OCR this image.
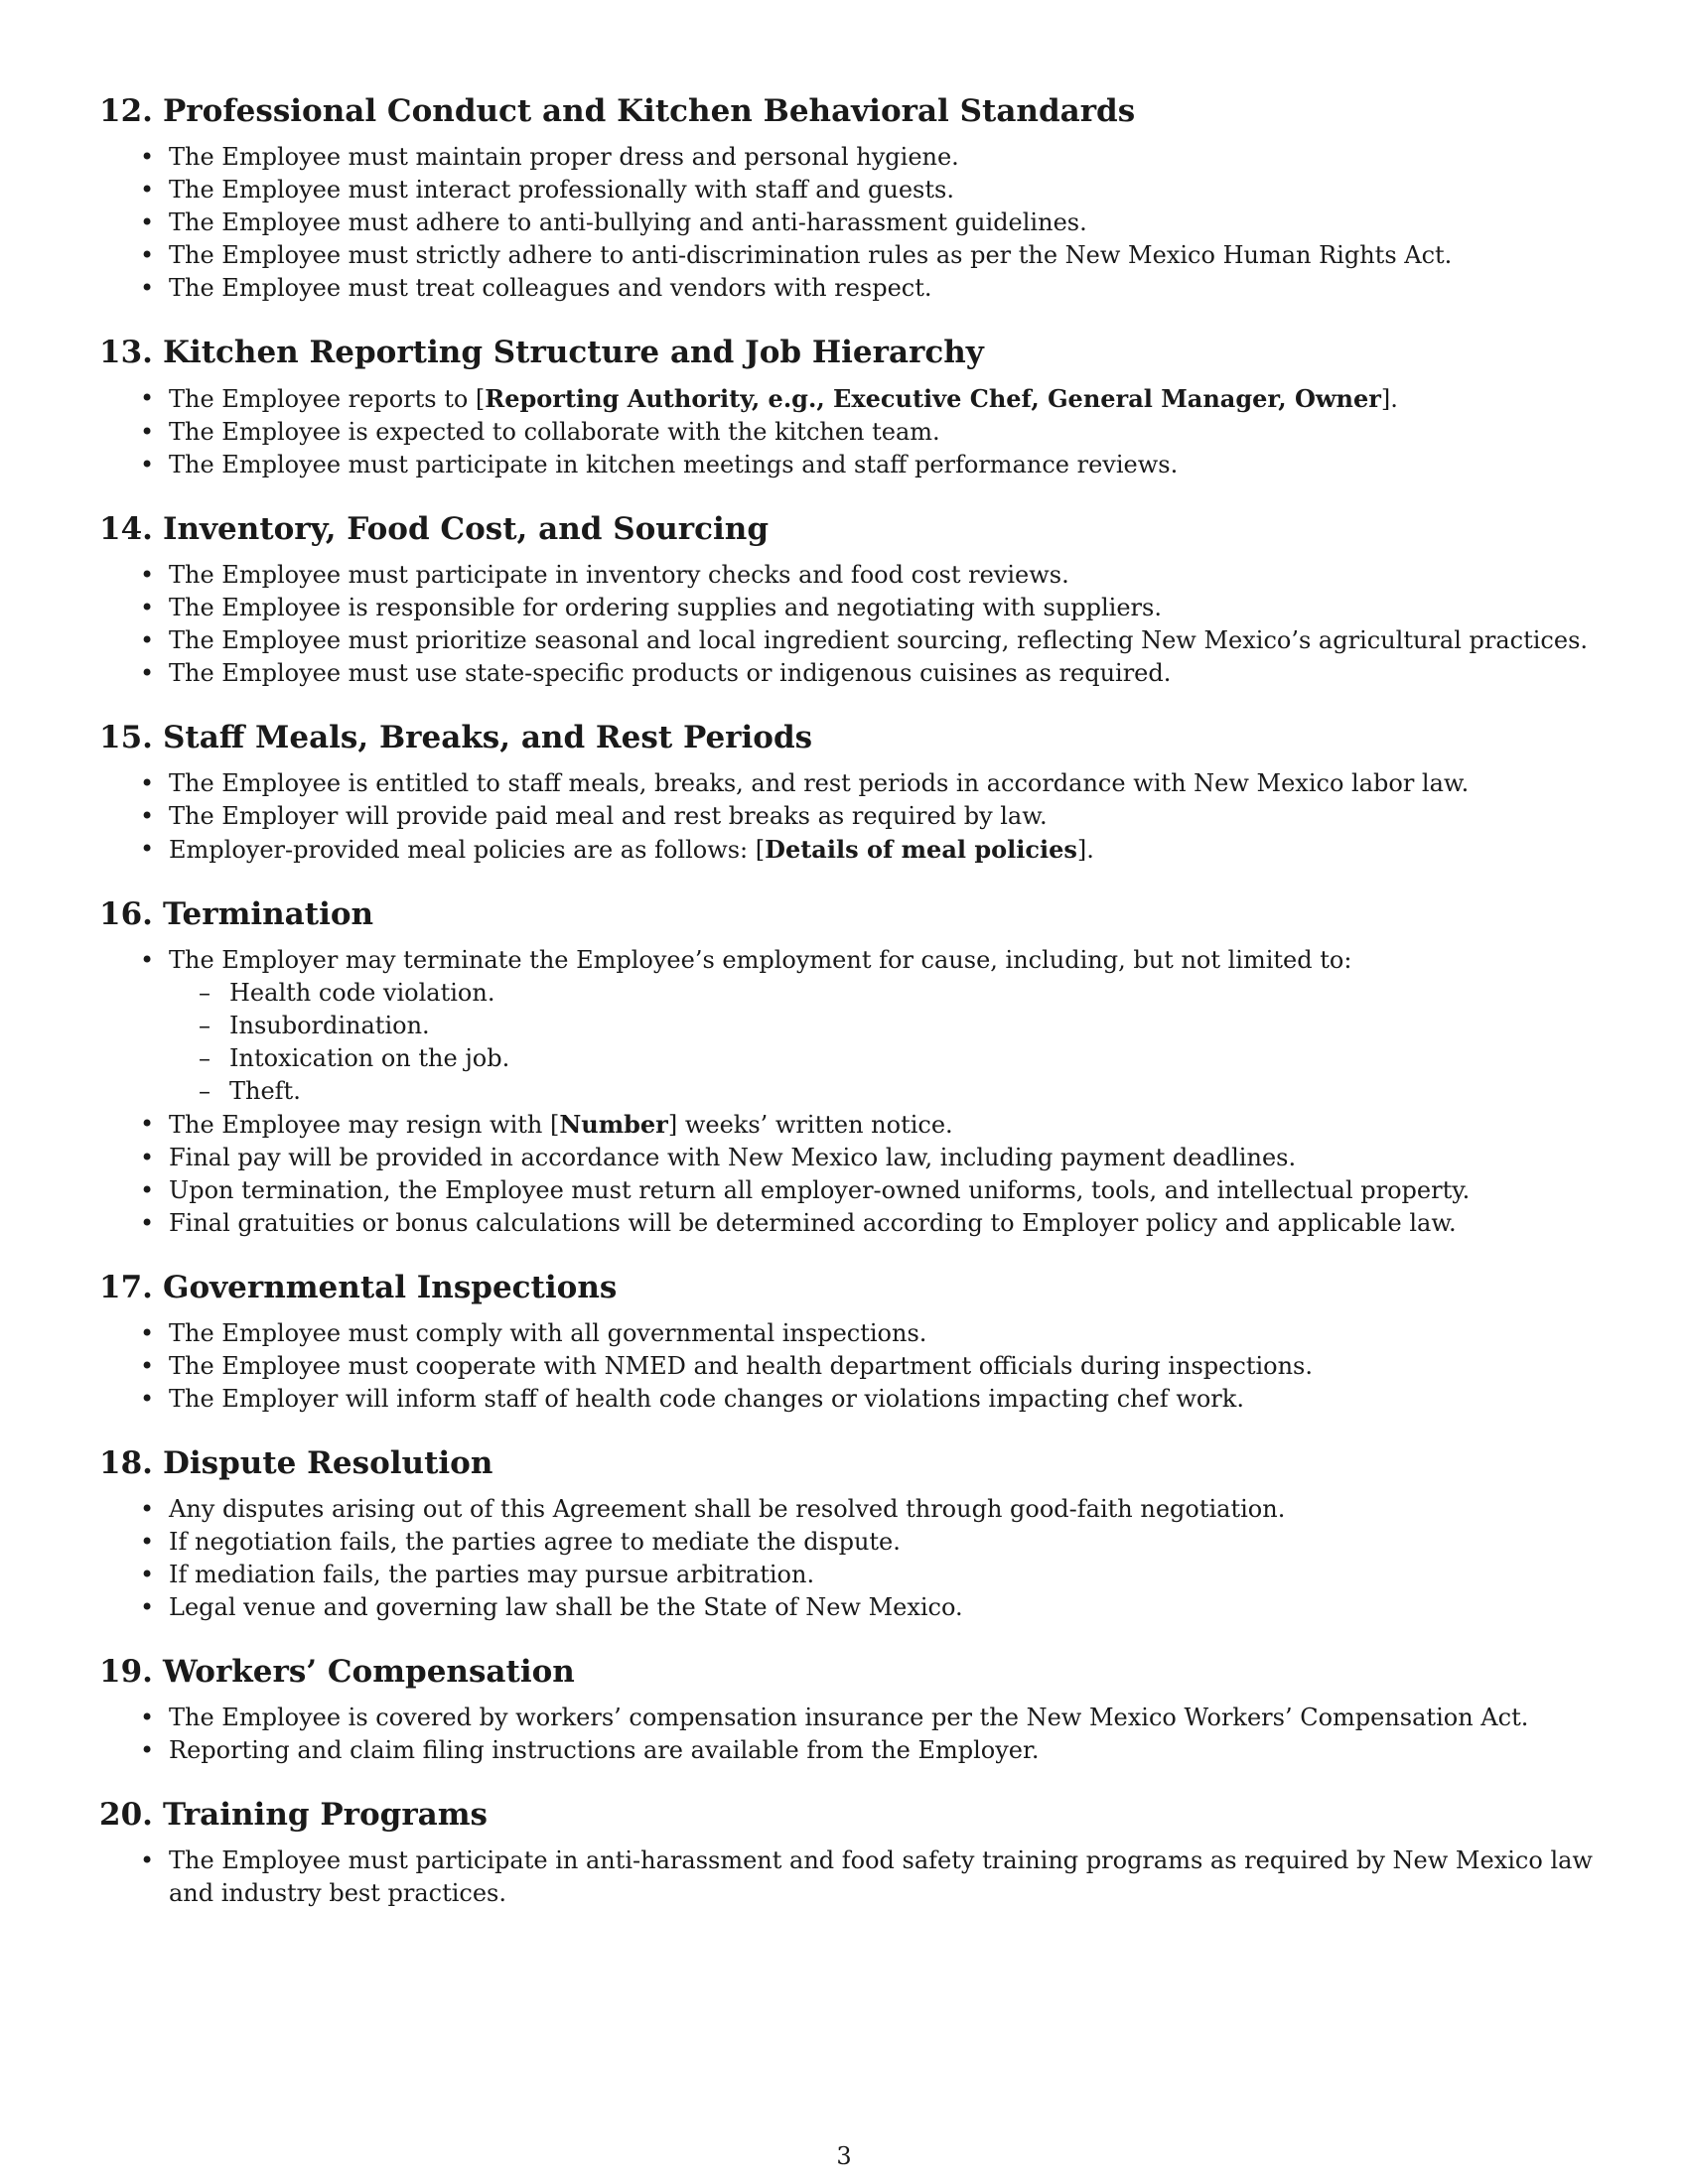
12. Professional Conduct and Kitchen Behavioral Standards
• The Employee must maintain proper dress and personal hygiene.
• The Employee must interact professionally with staff and guests.
• The Employee must adhere to anti-bullying and anti-harassment guidelines.
• The Employee must strictly adhere to anti-discrimination rules as per the New Mexico Human Rights Act.
• The Employee must treat colleagues and vendors with respect.
13. Kitchen Reporting Structure and Job Hierarchy
• The Employee reports to [Reporting Authority, e.g., Executive Chef, General Manager, Owner].
• The Employee is expected to collaborate with the kitchen team.
• The Employee must participate in kitchen meetings and staff performance reviews.
14. Inventory, Food Cost, and Sourcing
• The Employee must participate in inventory checks and food cost reviews.
• The Employee is responsible for ordering supplies and negotiating with suppliers.
• The Employee must prioritize seasonal and local ingredient sourcing, reflecting New Mexico’s agricultural practices.
• The Employee must use state-specific products or indigenous cuisines as required.
15. Staff Meals, Breaks, and Rest Periods
• The Employee is entitled to staff meals, breaks, and rest periods in accordance with New Mexico labor law.
• The Employer will provide paid meal and rest breaks as required by law.
• Employer-provided meal policies are as follows: [Details of meal policies].
16. Termination
• The Employer may terminate the Employee’s employment for cause, including, but not limited to:
– Health code violation.
– Insubordination.
– Intoxication on the job.
– Theft.
• The Employee may resign with [Number] weeks’ written notice.
• Final pay will be provided in accordance with New Mexico law, including payment deadlines.
• Upon termination, the Employee must return all employer-owned uniforms, tools, and intellectual property.
• Final gratuities or bonus calculations will be determined according to Employer policy and applicable law.
17. Governmental Inspections
• The Employee must comply with all governmental inspections.
• The Employee must cooperate with NMED and health department officials during inspections.
• The Employer will inform staff of health code changes or violations impacting chef work.
18. Dispute Resolution
• Any disputes arising out of this Agreement shall be resolved through good-faith negotiation.
• If negotiation fails, the parties agree to mediate the dispute.
• If mediation fails, the parties may pursue arbitration.
• Legal venue and governing law shall be the State of New Mexico.
19. Workers’ Compensation
• The Employee is covered by workers’ compensation insurance per the New Mexico Workers’ Compensation Act.
• Reporting and claim filing instructions are available from the Employer.
20. Training Programs
• The Employee must participate in anti-harassment and food safety training programs as required by New Mexico law and industry best practices.
3
